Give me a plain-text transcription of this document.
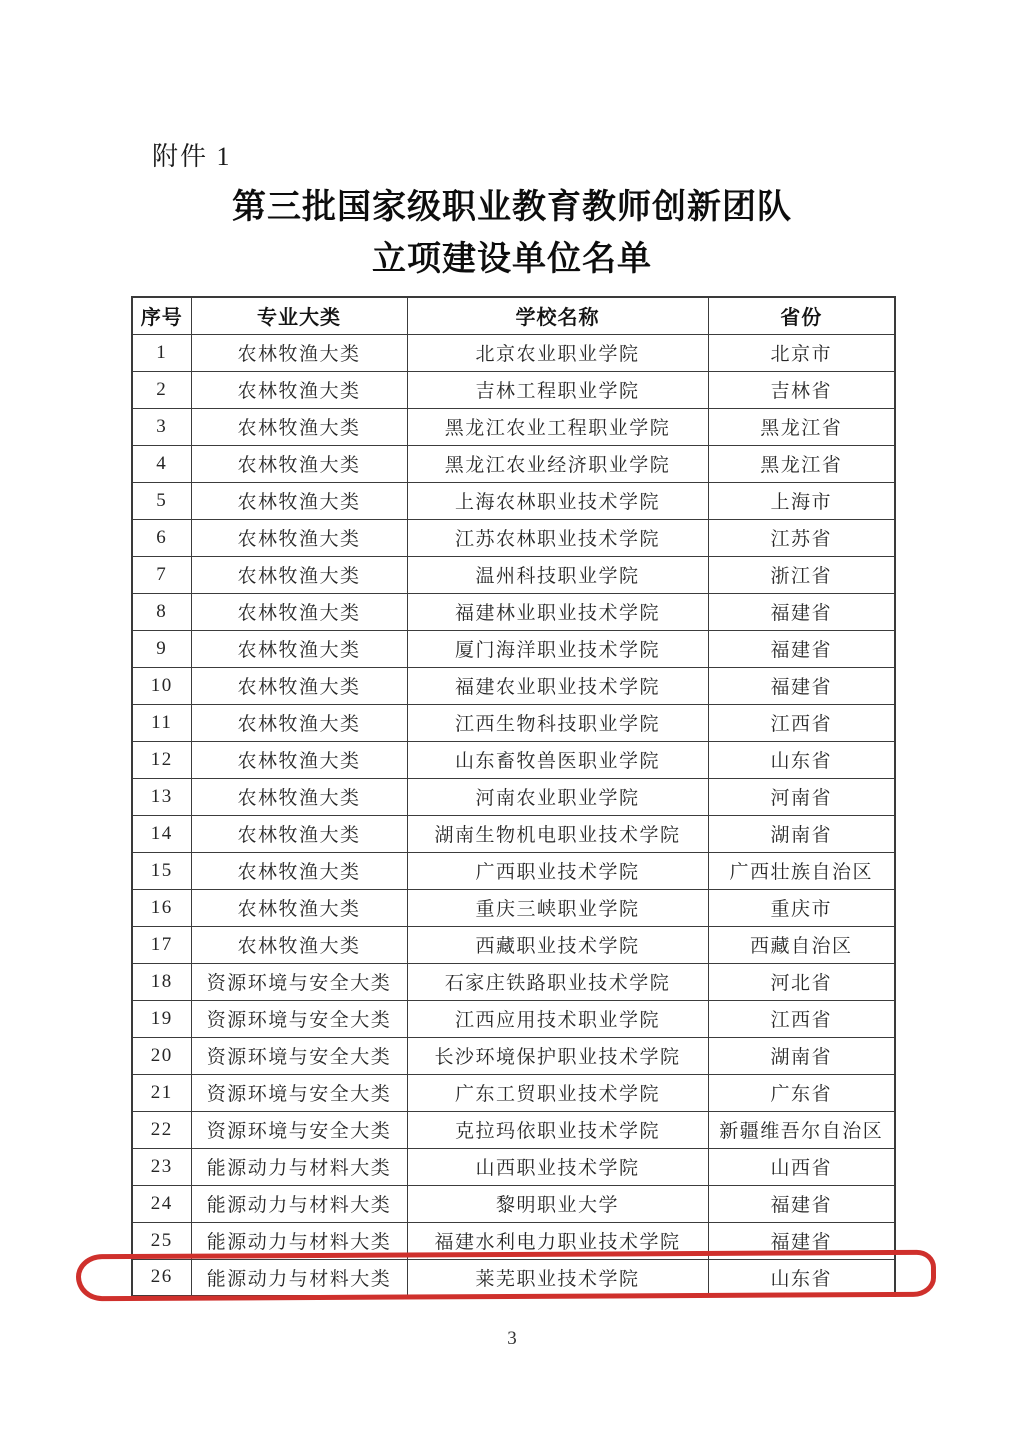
附件 1
第三批国家级职业教育教师创新团队
立项建设单位名单
序号	专业大类	学校名称	省份
1	农林牧渔大类	北京农业职业学院	北京市
2	农林牧渔大类	吉林工程职业学院	吉林省
3	农林牧渔大类	黑龙江农业工程职业学院	黑龙江省
4	农林牧渔大类	黑龙江农业经济职业学院	黑龙江省
5	农林牧渔大类	上海农林职业技术学院	上海市
6	农林牧渔大类	江苏农林职业技术学院	江苏省
7	农林牧渔大类	温州科技职业学院	浙江省
8	农林牧渔大类	福建林业职业技术学院	福建省
9	农林牧渔大类	厦门海洋职业技术学院	福建省
10	农林牧渔大类	福建农业职业技术学院	福建省
11	农林牧渔大类	江西生物科技职业学院	江西省
12	农林牧渔大类	山东畜牧兽医职业学院	山东省
13	农林牧渔大类	河南农业职业学院	河南省
14	农林牧渔大类	湖南生物机电职业技术学院	湖南省
15	农林牧渔大类	广西职业技术学院	广西壮族自治区
16	农林牧渔大类	重庆三峡职业学院	重庆市
17	农林牧渔大类	西藏职业技术学院	西藏自治区
18	资源环境与安全大类	石家庄铁路职业技术学院	河北省
19	资源环境与安全大类	江西应用技术职业学院	江西省
20	资源环境与安全大类	长沙环境保护职业技术学院	湖南省
21	资源环境与安全大类	广东工贸职业技术学院	广东省
22	资源环境与安全大类	克拉玛依职业技术学院	新疆维吾尔自治区
23	能源动力与材料大类	山西职业技术学院	山西省
24	能源动力与材料大类	黎明职业大学	福建省
25	能源动力与材料大类	福建水利电力职业技术学院	福建省
26	能源动力与材料大类	莱芜职业技术学院	山东省
3
